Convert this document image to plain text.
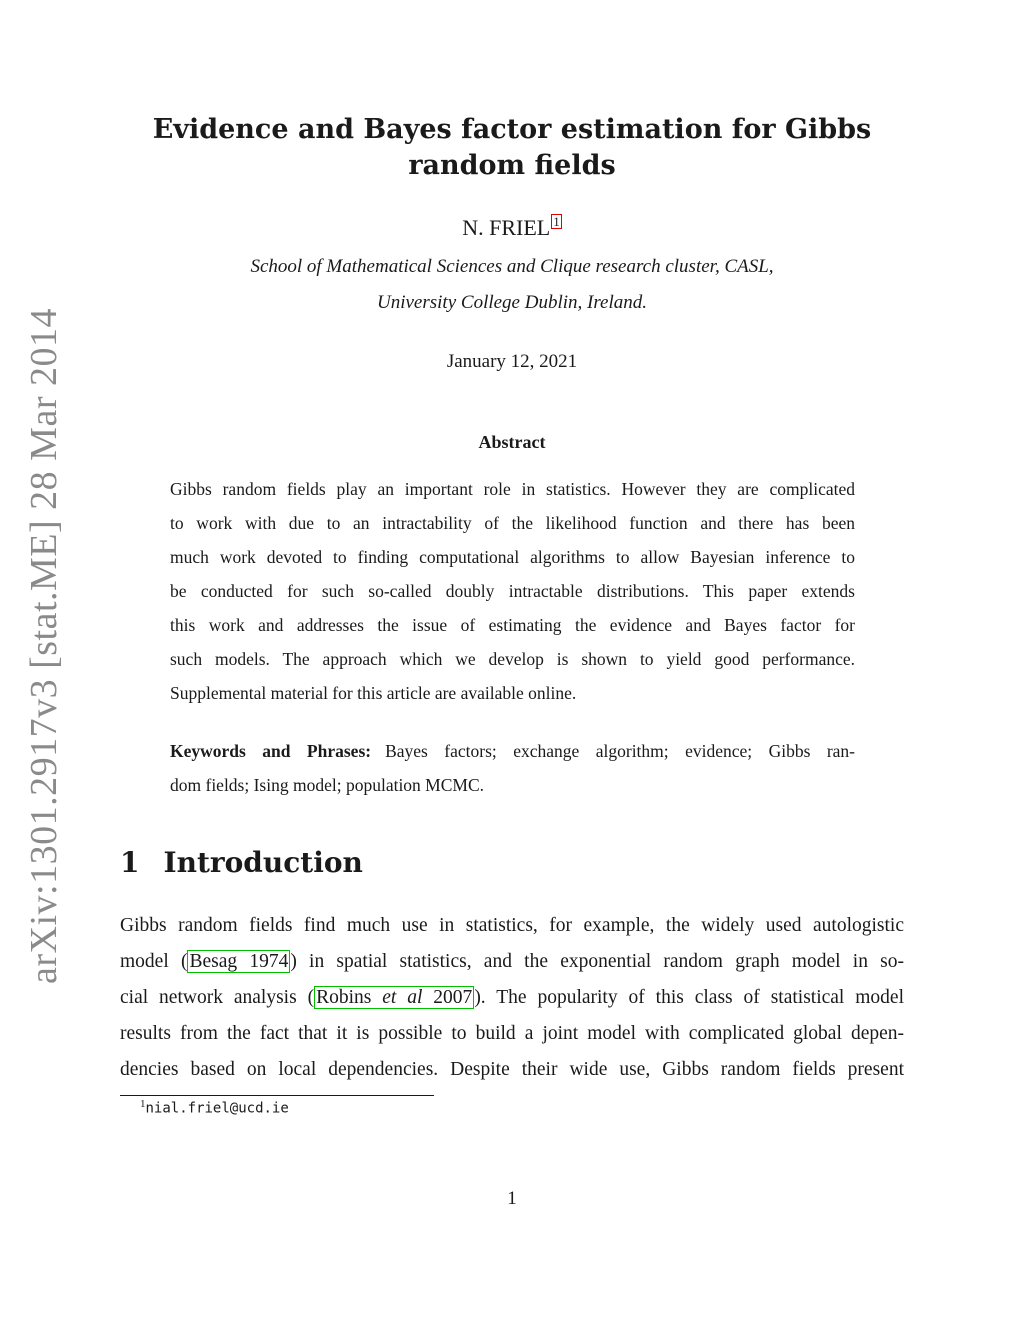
arXiv:1301.2917v3 [stat.ME] 28 Mar 2014
Evidence and Bayes factor estimation for Gibbs
random fields
N. FRIEL 1
School of Mathematical Sciences and Clique research cluster, CASL,
University College Dublin, Ireland.
January 12, 2021
Abstract
Gibbs random fields play an important role in statistics. However they are complicated
to work with due to an intractability of the likelihood function and there has been
much work devoted to finding computational algorithms to allow Bayesian inference to
be conducted for such so-called doubly intractable distributions. This paper extends
this work and addresses the issue of estimating the evidence and Bayes factor for
such models. The approach which we develop is shown to yield good performance.
Supplemental material for this article are available online.
Keywords and Phrases: Bayes factors; exchange algorithm; evidence; Gibbs ran-
dom fields; Ising model; population MCMC.
1 Introduction
Gibbs random fields find much use in statistics, for example, the widely used autologistic
model ( Besag 1974 ) in spatial statistics, and the exponential random graph model in so-
cial network analysis ( Robins et al 2007 ). The popularity of this class of statistical model
results from the fact that it is possible to build a joint model with complicated global depen-
dencies based on local dependencies. Despite their wide use, Gibbs random fields present
$^1$nial.friel@ucd.ie
1
